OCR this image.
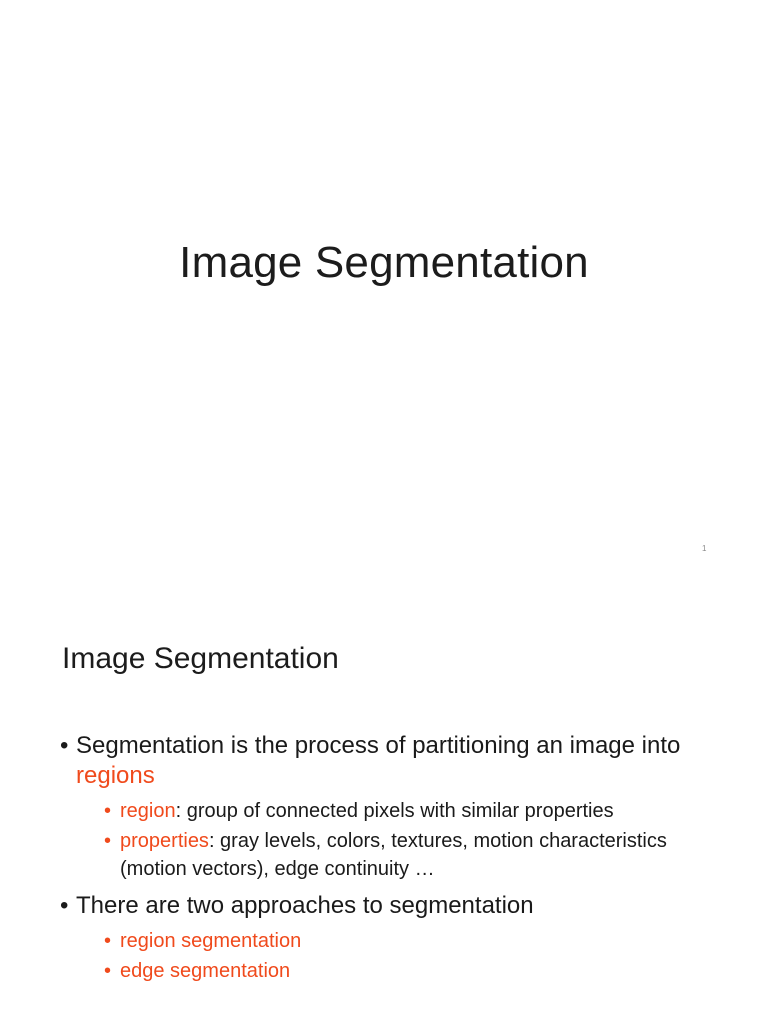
Image Segmentation
1
Image Segmentation
• Segmentation is the process of partitioning an image into regions
• region: group of connected pixels with similar properties
• properties: gray levels, colors, textures, motion characteristics (motion vectors), edge continuity …
• There are two approaches to segmentation
• region segmentation
• edge segmentation
